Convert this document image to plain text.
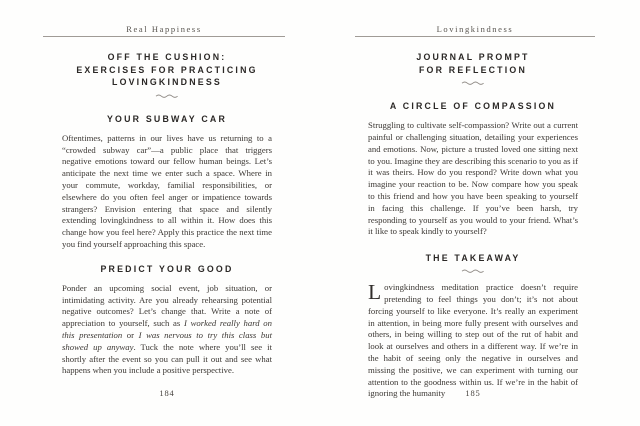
Real Happiness
OFF THE CUSHION:
EXERCISES FOR PRACTICING
LOVINGKINDNESS
YOUR SUBWAY CAR

Oftentimes, patterns in our lives have us returning to a “crowded subway car”—a public place that triggers negative emotions toward our fellow human beings. Let’s anticipate the next time we enter such a space. Where in your commute, workday, familial responsibilities, or elsewhere do you often feel anger or impatience towards strangers? Envision entering that space and silently extending lovingkindness to all within it. How does this change how you feel here? Apply this practice the next time you find yourself approaching this space.

PREDICT YOUR GOOD

Ponder an upcoming social event, job situation, or intimidating activity. Are you already rehearsing potential negative outcomes? Let’s change that. Write a note of appreciation to yourself, such as I worked really hard on this presentation or I was nervous to try this class but showed up anyway. Tuck the note where you’ll see it shortly after the event so you can pull it out and see what happens when you include a positive perspective.

184
Lovingkindness
JOURNAL PROMPT
FOR REFLECTION
A CIRCLE OF COMPASSION

Struggling to cultivate self-compassion? Write out a current painful or challenging situation, detailing your experiences and emotions. Now, picture a trusted loved one sitting next to you. Imagine they are describing this scenario to you as if it was theirs. How do you respond? Write down what you imagine your reaction to be. Now compare how you speak to this friend and how you have been speaking to yourself in facing this challenge. If you’ve been harsh, try responding to yourself as you would to your friend. What’s it like to speak kindly to yourself?

THE TAKEAWAY

Lovingkindness meditation practice doesn’t require pretending to feel things you don’t; it’s not about forcing yourself to like everyone. It’s really an experiment in attention, in being more fully present with ourselves and others, in being willing to step out of the rut of habit and look at ourselves and others in a different way. If we’re in the habit of seeing only the negative in ourselves and missing the positive, we can experiment with turning our attention to the goodness within us. If we’re in the habit of ignoring the humanity	185
